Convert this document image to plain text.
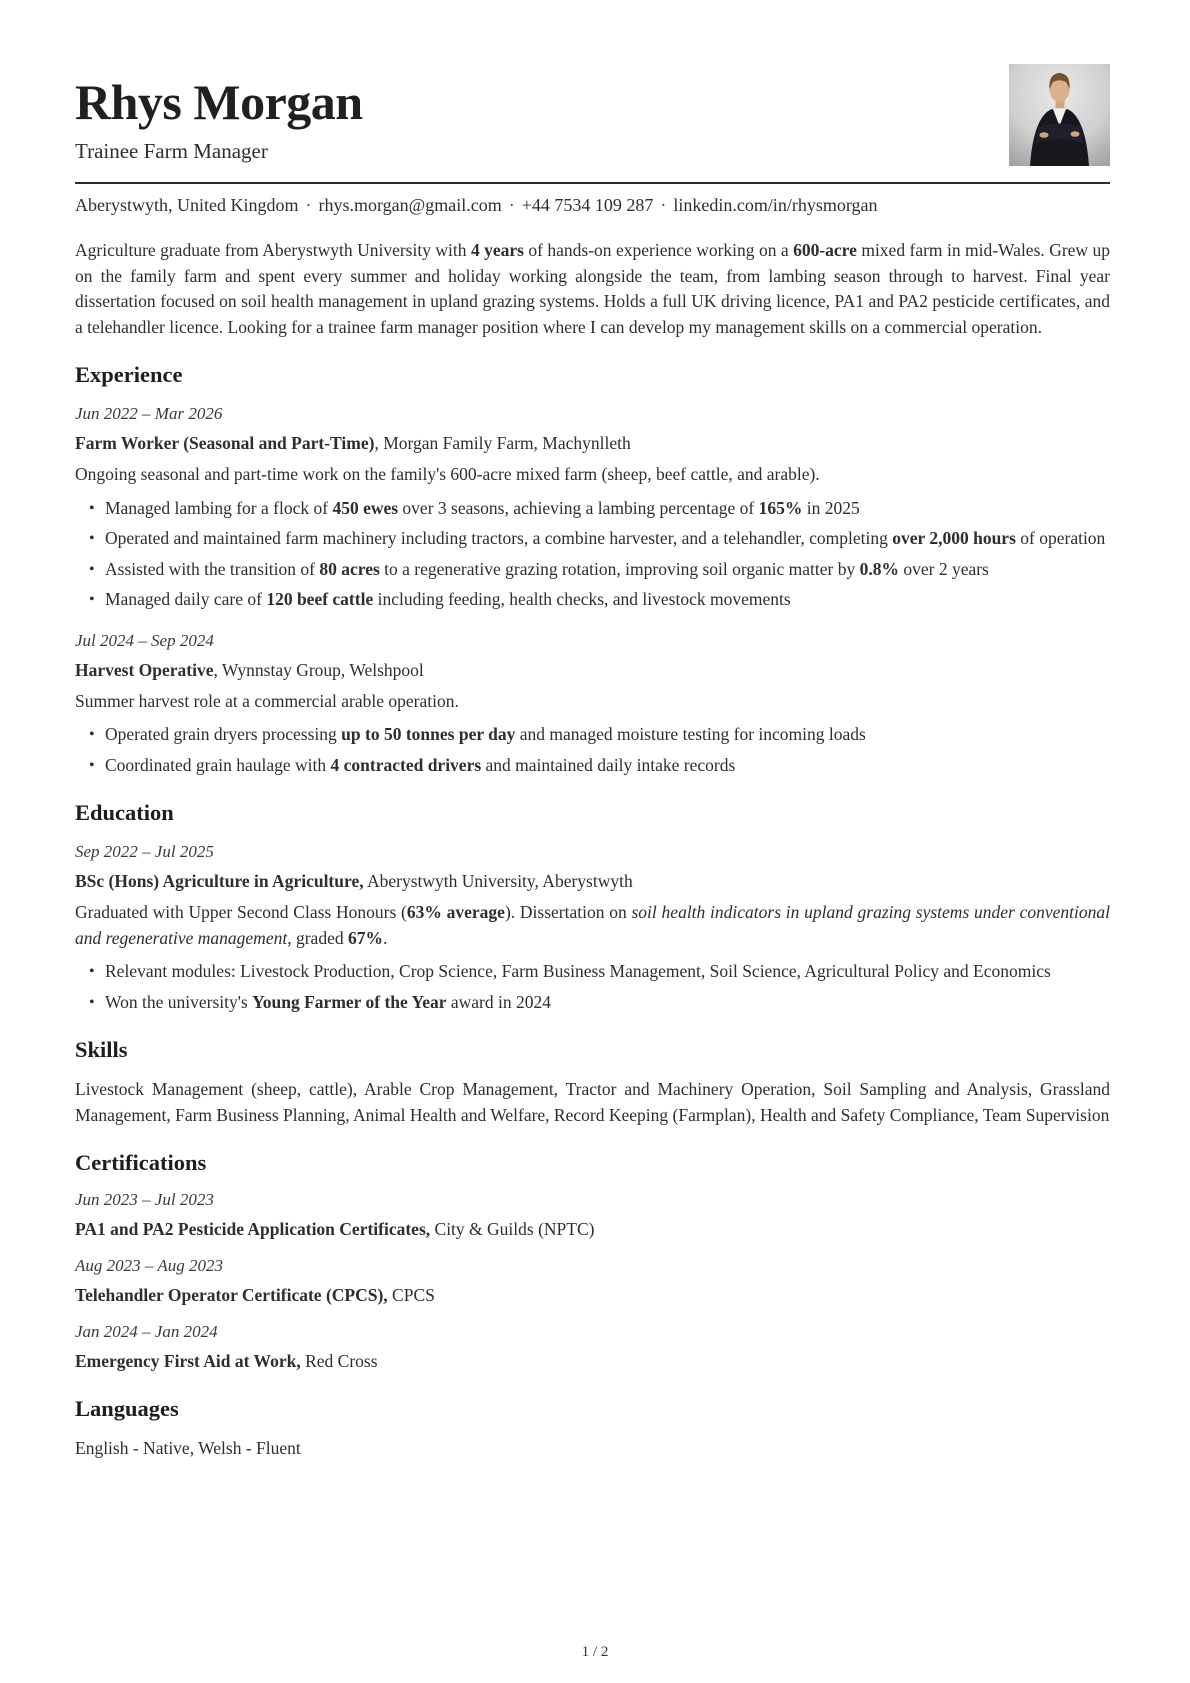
Rhys Morgan
Trainee Farm Manager
Aberystwyth, United Kingdom · rhys.morgan@gmail.com · +44 7534 109 287 · linkedin.com/in/rhysmorgan

Agriculture graduate from Aberystwyth University with 4 years of hands-on experience working on a 600-acre mixed farm in mid-Wales. Grew up on the family farm and spent every summer and holiday working alongside the team, from lambing season through to harvest. Final year dissertation focused on soil health management in upland grazing systems. Holds a full UK driving licence, PA1 and PA2 pesticide certificates, and a telehandler licence. Looking for a trainee farm manager position where I can develop my management skills on a commercial operation.

Experience
Jun 2022 – Mar 2026
Farm Worker (Seasonal and Part-Time), Morgan Family Farm, Machynlleth
Ongoing seasonal and part-time work on the family's 600-acre mixed farm (sheep, beef cattle, and arable).
• Managed lambing for a flock of 450 ewes over 3 seasons, achieving a lambing percentage of 165% in 2025
• Operated and maintained farm machinery including tractors, a combine harvester, and a telehandler, completing over 2,000 hours of operation
• Assisted with the transition of 80 acres to a regenerative grazing rotation, improving soil organic matter by 0.8% over 2 years
• Managed daily care of 120 beef cattle including feeding, health checks, and livestock movements
Jul 2024 – Sep 2024
Harvest Operative, Wynnstay Group, Welshpool
Summer harvest role at a commercial arable operation.
• Operated grain dryers processing up to 50 tonnes per day and managed moisture testing for incoming loads
• Coordinated grain haulage with 4 contracted drivers and maintained daily intake records
Education
Sep 2022 – Jul 2025
BSc (Hons) Agriculture in Agriculture, Aberystwyth University, Aberystwyth
Graduated with Upper Second Class Honours (63% average). Dissertation on soil health indicators in upland grazing systems under conventional and regenerative management, graded 67%.
• Relevant modules: Livestock Production, Crop Science, Farm Business Management, Soil Science, Agricultural Policy and Economics
• Won the university's Young Farmer of the Year award in 2024
Skills
Livestock Management (sheep, cattle), Arable Crop Management, Tractor and Machinery Operation, Soil Sampling and Analysis, Grassland Management, Farm Business Planning, Animal Health and Welfare, Record Keeping (Farmplan), Health and Safety Compliance, Team Supervision
Certifications
Jun 2023 – Jul 2023
PA1 and PA2 Pesticide Application Certificates, City & Guilds (NPTC)
Aug 2023 – Aug 2023
Telehandler Operator Certificate (CPCS), CPCS
Jan 2024 – Jan 2024
Emergency First Aid at Work, Red Cross
Languages
English - Native, Welsh - Fluent
1 / 2
